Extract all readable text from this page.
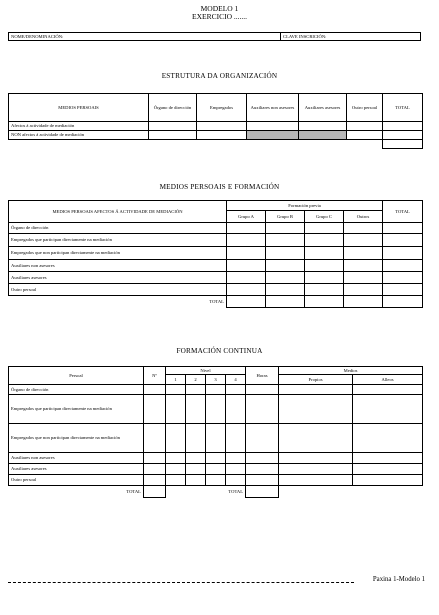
MODELO 1
EXERCICIO .......
NOME/DENOMINACIÓN:	CLAVE INSCRICIÓN:
ESTRUTURA DA ORGANIZACIÓN
MEDIOS PERSOAIS	Órgano de dirección	Empregados	Auxiliares non asesores	Auxiliares asesores	Outro persoal	TOTAL
Afectos á actividade de mediación						
NON afectos á actividade de mediación						

MEDIOS PERSOAIS E FORMACIÓN
MEDIOS PERSOAIS AFECTOS Á ACTIVIDADE DE MEDIACIÓN	Formación previa				TOTAL
	Grupo A	Grupo B	Grupo C	Outros	
Órgano de dirección					
Empregados que participan directamente na mediación					
Empregados que non participan directamente na mediación					
Auxiliares non asesores					
Auxiliares asesores					
Outro persoal					
TOTAL					
FORMACIÓN CONTINUA
Persoal	Nº	Nivel				Horas	Medios	
		1	2	3	4		Propios	Alleos
Órgano de dirección								
Empregados que participan directamente na mediación								
Empregados que non participan directamente na mediación								
Auxiliares non asesores								
Auxiliares asesores								
Outro persoal								
TOTAL					TOTAL			
Paxina 1-Modelo 1
